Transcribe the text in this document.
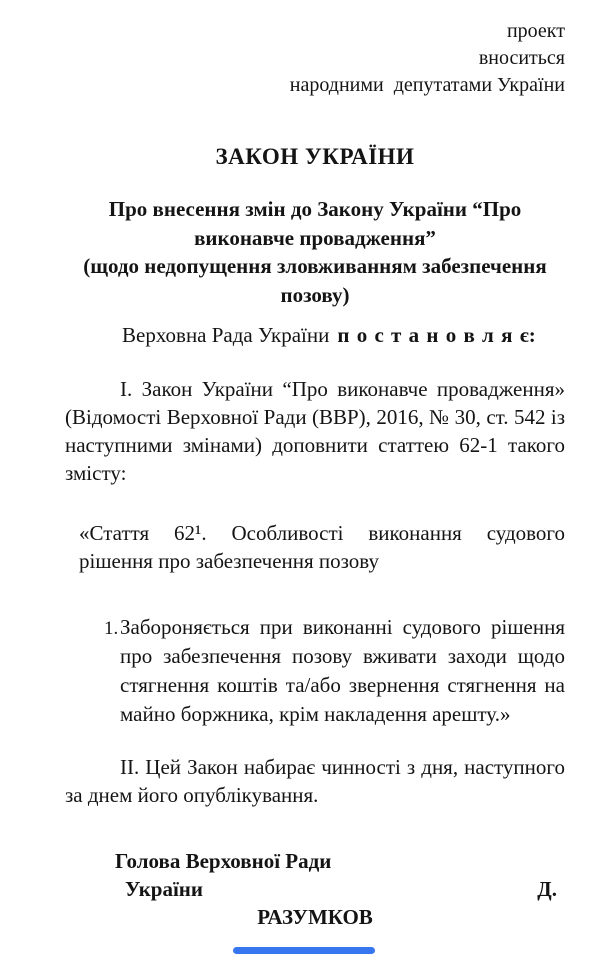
проект
вноситься
народними  депутатами України
ЗАКОН УКРАЇНИ
Про внесення змін до Закону України “Про
виконавче провадження”
(щодо недопущення зловживанням забезпечення
позову)

Верховна Рада України п о с т а н о в л я є:

І. Закон України “Про виконавче провадження» (Відомості Верховної Ради (ВВР), 2016, № 30, ст. 542 із наступними змінами) доповнити статтею 62-1 такого змісту:

«Стаття 62¹. Особливості виконання судового рішення про забезпечення позову

1. Забороняється при виконанні судового рішення про забезпечення позову вживати заходи щодо стягнення коштів та/або звернення стягнення на майно боржника, крім накладення арешту.»

ІІ. Цей Закон набирає чинності з дня, наступного за днем його опублікування.

Голова Верховної Ради
України	Д.
РАЗУМКОВ
